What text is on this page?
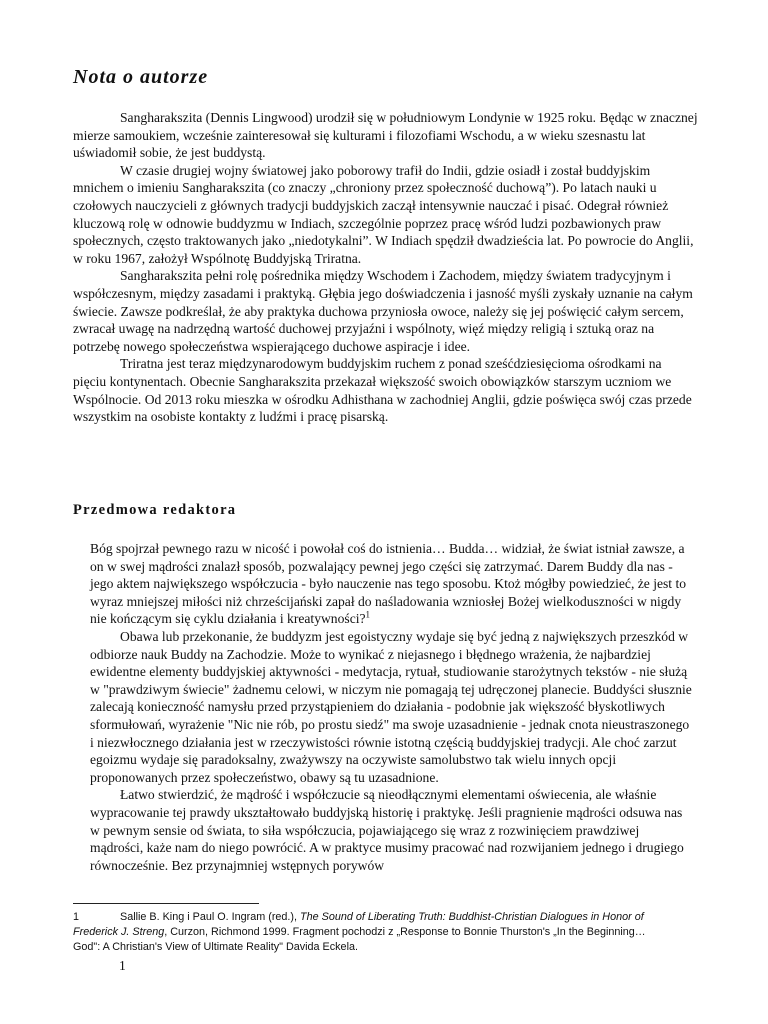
Nota o autorze

Sangharakszita (Dennis Lingwood) urodził się w południowym Londynie w 1925 roku. Będąc w znacznej mierze samoukiem, wcześnie zainteresował się kulturami i filozofiami Wschodu, a w wieku szesnastu lat uświadomił sobie, że jest buddystą.

W czasie drugiej wojny światowej jako poborowy trafił do Indii, gdzie osiadł i został buddyjskim mnichem o imieniu Sangharakszita (co znaczy „chroniony przez społeczność duchową”). Po latach nauki u czołowych nauczycieli z głównych tradycji buddyjskich zaczął intensywnie nauczać i pisać. Odegrał również kluczową rolę w odnowie buddyzmu w Indiach, szczególnie poprzez pracę wśród ludzi pozbawionych praw społecznych, często traktowanych jako „niedotykalni”. W Indiach spędził dwadzieścia lat. Po powrocie do Anglii, w roku 1967, założył Wspólnotę Buddyjską Triratna.

Sangharakszita pełni rolę pośrednika między Wschodem i Zachodem, między światem tradycyjnym i współczesnym, między zasadami i praktyką. Głębia jego doświadczenia i jasność myśli zyskały uznanie na całym świecie. Zawsze podkreślał, że aby praktyka duchowa przyniosła owoce, należy się jej poświęcić całym sercem, zwracał uwagę na nadrzędną wartość duchowej przyjaźni i wspólnoty, więź między religią i sztuką oraz na potrzebę nowego społeczeństwa wspierającego duchowe aspiracje i idee.

Triratna jest teraz międzynarodowym buddyjskim ruchem z ponad sześćdziesięcioma ośrodkami na pięciu kontynentach. Obecnie Sangharakszita przekazał większość swoich obowiązków starszym uczniom we Wspólnocie. Od 2013 roku mieszka w ośrodku Adhisthana w zachodniej Anglii, gdzie poświęca swój czas przede wszystkim na osobiste kontakty z ludźmi i pracę pisarską.

Przedmowa redaktora

Bóg spojrzał pewnego razu w nicość i powołał coś do istnienia… Budda… widział, że świat istniał zawsze, a on w swej mądrości znalazł sposób, pozwalający pewnej jego części się zatrzymać. Darem Buddy dla nas - jego aktem największego współczucia - było nauczenie nas tego sposobu. Ktoż mógłby powiedzieć, że jest to wyraz mniejszej miłości niż chrześcijański zapał do naśladowania wzniosłej Bożej wielkoduszności w nigdy nie kończącym się cyklu działania i kreatywności?$^1$

Obawa lub przekonanie, że buddyzm jest egoistyczny wydaje się być jedną z największych przeszkód w odbiorze nauk Buddy na Zachodzie. Może to wynikać z niejasnego i błędnego wrażenia, że najbardziej ewidentne elementy buddyjskiej aktywności - medytacja, rytuał, studiowanie starożytnych tekstów - nie służą w "prawdziwym świecie" żadnemu celowi, w niczym nie pomagają tej udręczonej planecie. Buddyści słusznie zalecają konieczność namysłu przed przystąpieniem do działania - podobnie jak większość błyskotliwych sformułowań, wyrażenie "Nic nie rób, po prostu siedź" ma swoje uzasadnienie - jednak cnota nieustraszonego i niezwłocznego działania jest w rzeczywistości równie istotną częścią buddyjskiej tradycji. Ale choć zarzut egoizmu wydaje się paradoksalny, zważywszy na oczywiste samolubstwo tak wielu innych opcji proponowanych przez społeczeństwo, obawy są tu uzasadnione.

Łatwo stwierdzić, że mądrość i współczucie są nieodłącznymi elementami oświecenia, ale właśnie wypracowanie tej prawdy ukształtowało buddyjską historię i praktykę. Jeśli pragnienie mądrości odsuwa nas w pewnym sensie od świata, to siła współczucia, pojawiającego się wraz z rozwinięciem prawdziwej mądrości, każe nam do niego powrócić. A w praktyce musimy pracować nad rozwijaniem jednego i drugiego równocześnie. Bez przynajmniej wstępnych porywów

1	Sallie B. King i Paul O. Ingram (red.), The Sound of Liberating Truth: Buddhist-Christian Dialogues in Honor of Frederick J. Streng, Curzon, Richmond 1999. Fragment pochodzi z „Response to Bonnie Thurston's „In the Beginning…God": A Christian's View of Ultimate Reality" Davida Eckela.
1
